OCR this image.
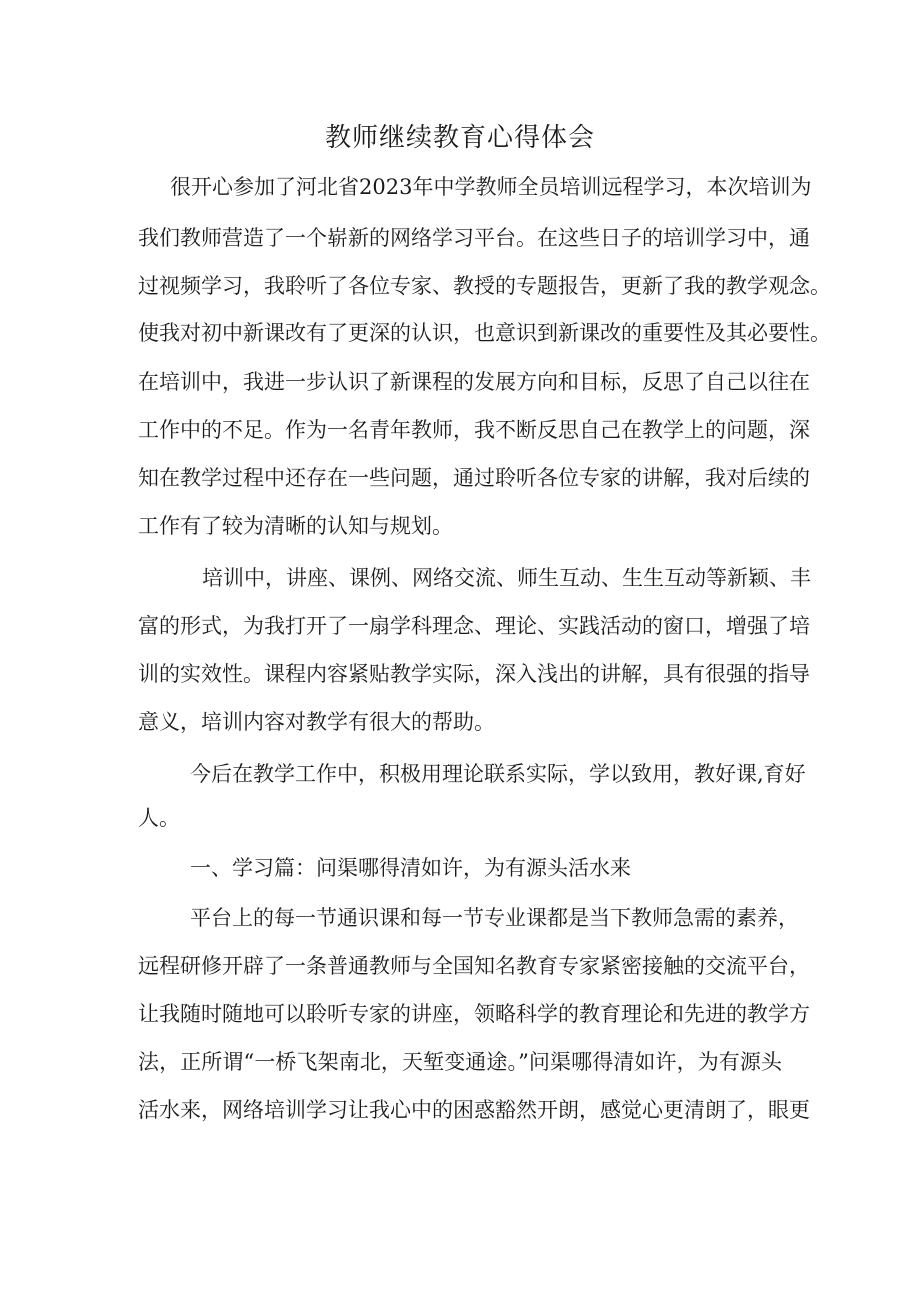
教师继续教育心得体会
很开心参加了河北省2023年中学教师全员培训远程学习，本次培训为
我们教师营造了一个崭新的网络学习平台。在这些日子的培训学习中，通
过视频学习，我聆听了各位专家、教授的专题报告，更新了我的教学观念。
使我对初中新课改有了更深的认识，也意识到新课改的重要性及其必要性。
在培训中，我进一步认识了新课程的发展方向和目标，反思了自己以往在
工作中的不足。作为一名青年教师，我不断反思自己在教学上的问题，深
知在教学过程中还存在一些问题，通过聆听各位专家的讲解，我对后续的
工作有了较为清晰的认知与规划。
培训中，讲座、课例、网络交流、师生互动、生生互动等新颖、丰
富的形式，为我打开了一扇学科理念、理论、实践活动的窗口，增强了培
训的实效性。课程内容紧贴教学实际，深入浅出的讲解，具有很强的指导
意义，培训内容对教学有很大的帮助。
今后在教学工作中，积极用理论联系实际，学以致用，教好课,育好
人。
一、学习篇：问渠哪得清如许，为有源头活水来
平台上的每一节通识课和每一节专业课都是当下教师急需的素养，
远程研修开辟了一条普通教师与全国知名教育专家紧密接触的交流平台，
让我随时随地可以聆听专家的讲座，领略科学的教育理论和先进的教学方
法，正所谓“一桥飞架南北，天堑变通途。”问渠哪得清如许，为有源头
活水来，网络培训学习让我心中的困惑豁然开朗，感觉心更清朗了，眼更
